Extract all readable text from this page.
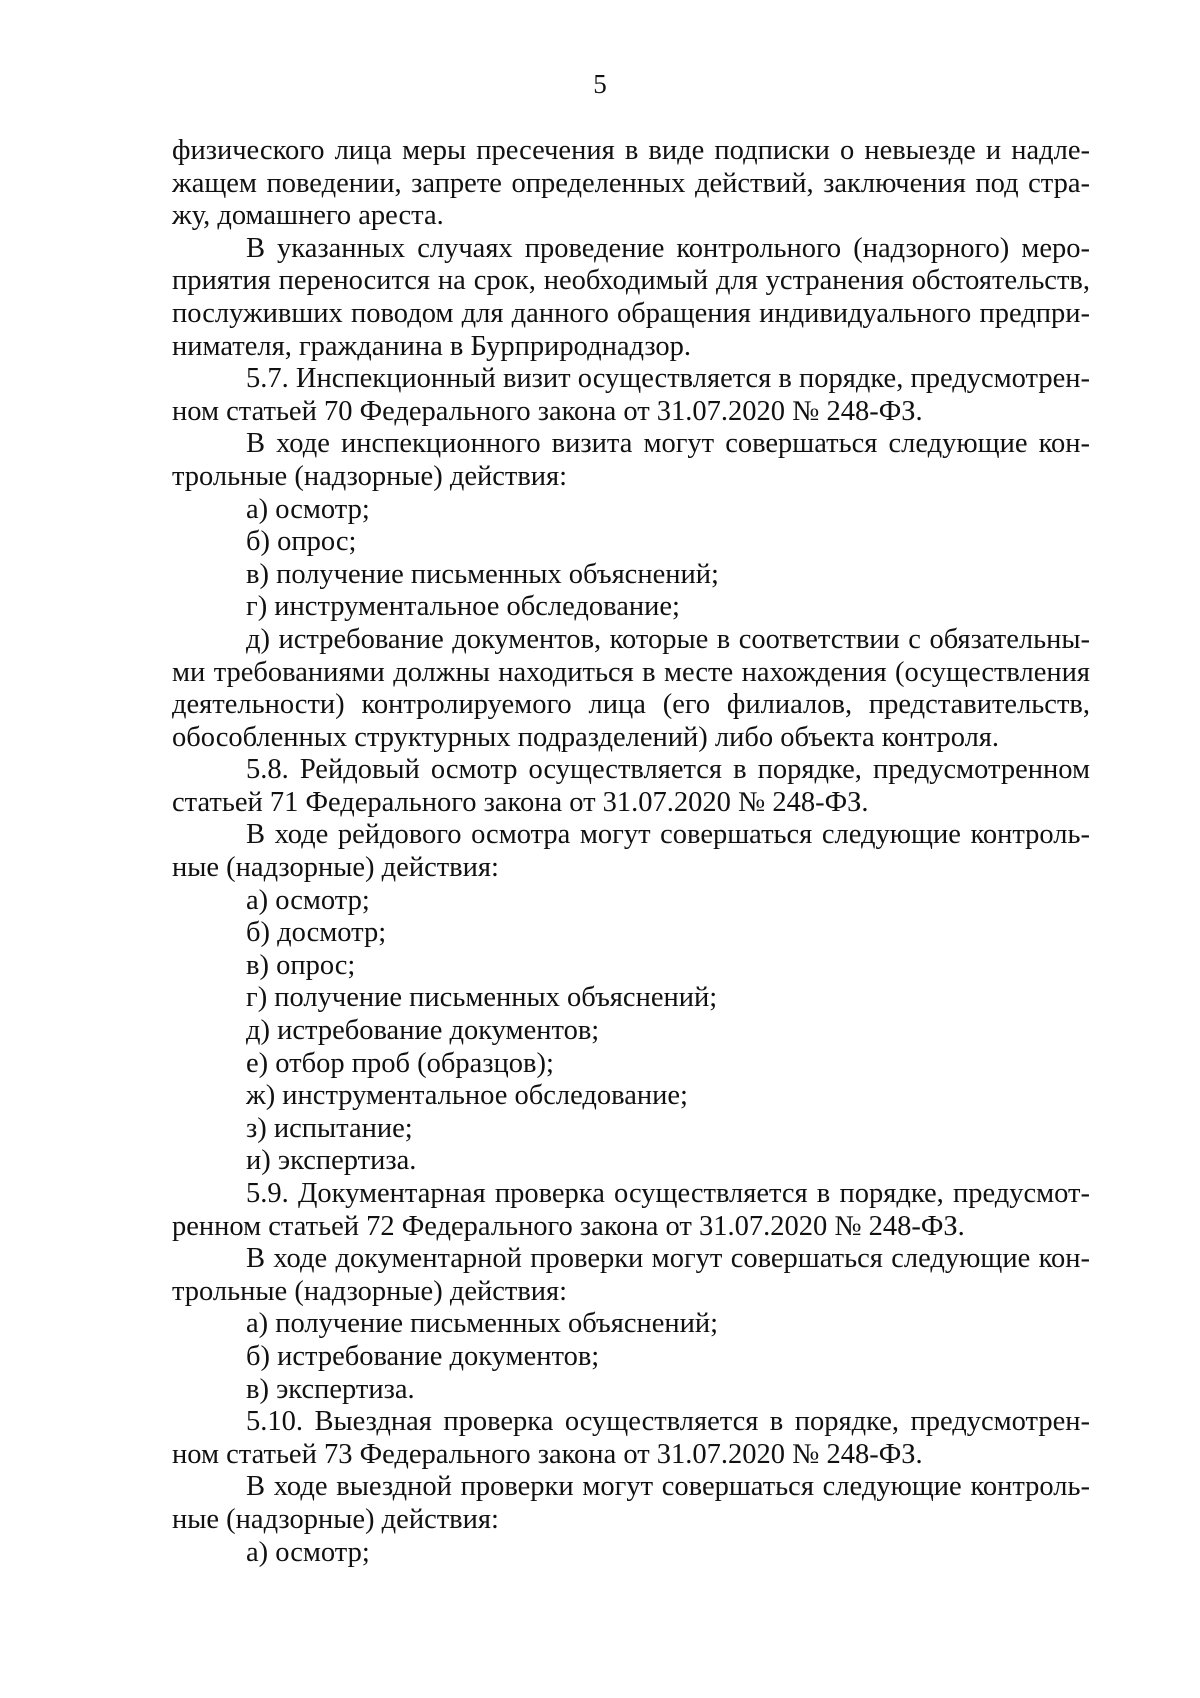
5
физического лица меры пресечения в виде подписки о невыезде и надле-
жащем поведении, запрете определенных действий, заключения под стра-
жу, домашнего ареста.
В указанных случаях проведение контрольного (надзорного) меро-
приятия переносится на срок, необходимый для устранения обстоятельств,
послуживших поводом для данного обращения индивидуального предпри-
нимателя, гражданина в Бурприроднадзор.
5.7. Инспекционный визит осуществляется в порядке, предусмотрен-
ном статьей 70 Федерального закона от 31.07.2020 № 248-ФЗ.
В ходе инспекционного визита могут совершаться следующие кон-
трольные (надзорные) действия:
а) осмотр;
б) опрос;
в) получение письменных объяснений;
г) инструментальное обследование;
д) истребование документов, которые в соответствии с обязательны-
ми требованиями должны находиться в месте нахождения (осуществления
деятельности) контролируемого лица (его филиалов, представительств,
обособленных структурных подразделений) либо объекта контроля.
5.8. Рейдовый осмотр осуществляется в порядке, предусмотренном
статьей 71 Федерального закона от 31.07.2020 № 248-ФЗ.
В ходе рейдового осмотра могут совершаться следующие контроль-
ные (надзорные) действия:
а) осмотр;
б) досмотр;
в) опрос;
г) получение письменных объяснений;
д) истребование документов;
е) отбор проб (образцов);
ж) инструментальное обследование;
з) испытание;
и) экспертиза.
5.9. Документарная проверка осуществляется в порядке, предусмот-
ренном статьей 72 Федерального закона от 31.07.2020 № 248-ФЗ.
В ходе документарной проверки могут совершаться следующие кон-
трольные (надзорные) действия:
а) получение письменных объяснений;
б) истребование документов;
в) экспертиза.
5.10. Выездная проверка осуществляется в порядке, предусмотрен-
ном статьей 73 Федерального закона от 31.07.2020 № 248-ФЗ.
В ходе выездной проверки могут совершаться следующие контроль-
ные (надзорные) действия:
а) осмотр;
